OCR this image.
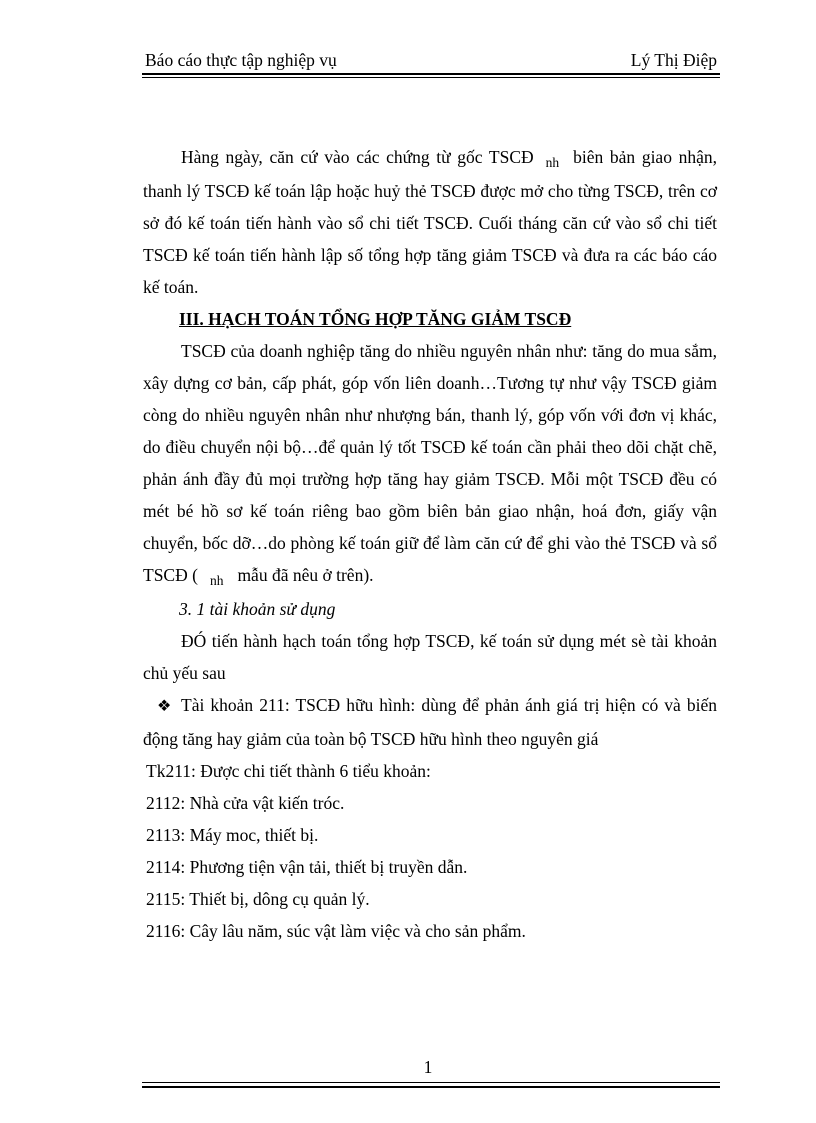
Báo cáo thực tập nghiệp vụ	Lý Thị Điệp

Hàng ngày, căn cứ vào các chứng từ gốc TSCĐ $_{nh}$ biên bản giao nhận, thanh lý TSCĐ kế toán lập hoặc huỷ thẻ TSCĐ được mở cho từng TSCĐ, trên cơ sở đó kế toán tiến hành vào sổ chi tiết TSCĐ. Cuối tháng căn cứ vào sổ chi tiết TSCĐ kế toán tiến hành lập số tổng hợp tăng giảm TSCĐ và đưa ra các báo cáo kế toán.

III. HẠCH TOÁN TỔNG HỢP TĂNG GIẢM TSCĐ

TSCĐ của doanh nghiệp tăng do nhiều nguyên nhân như: tăng do mua sắm, xây dựng cơ bản, cấp phát, góp vốn liên doanh…Tương tự như vậy TSCĐ giảm còng do nhiều nguyên nhân như nhượng bán, thanh lý, góp vốn với đơn vị khác, do điều chuyển nội bộ…để quản lý tốt TSCĐ kế toán cần phải theo dõi chặt chẽ, phản ánh đầy đủ mọi trường hợp tăng hay giảm TSCĐ. Mỗi một TSCĐ đều có mét bé hồ sơ kế toán riêng bao gồm biên bản giao nhận, hoá đơn, giấy vận chuyển, bốc dỡ…do phòng kế toán giữ để làm căn cứ để ghi vào thẻ TSCĐ và sổ TSCĐ ( $_{nh}$ mẫu đã nêu ở trên).

3. 1 tài khoản sử dụng

ĐÓ tiến hành hạch toán tổng hợp TSCĐ, kế toán sử dụng mét sè tài khoản chủ yếu sau

❖ Tài khoản 211: TSCĐ hữu hình: dùng để phản ánh giá trị hiện có và biến động tăng hay giảm của toàn bộ TSCĐ hữu hình theo nguyên giá

Tk211: Được chi tiết thành 6 tiểu khoản:

2112: Nhà cửa vật kiến tróc.

2113: Máy moc, thiết bị.

2114: Phương tiện vận tải, thiết bị truyền dẫn.

2115: Thiết bị, dông cụ quản lý.

2116: Cây lâu năm, súc vật làm việc và cho sản phẩm.

1
